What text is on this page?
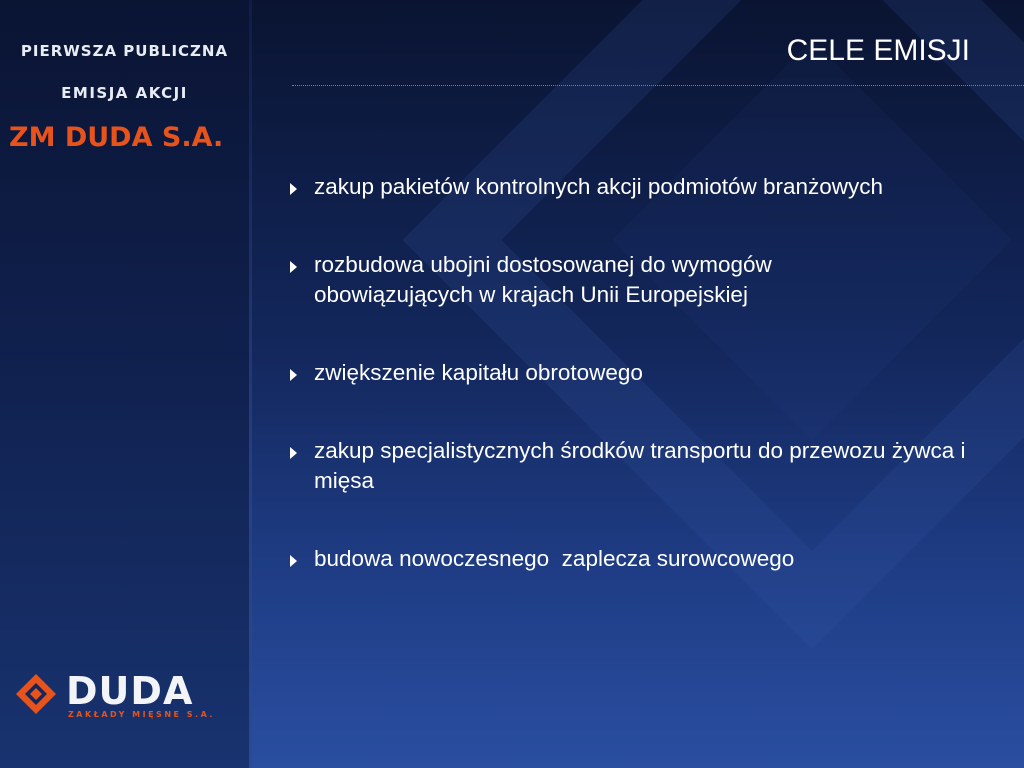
PIERWSZA PUBLICZNA
EMISJA AKCJI
ZM DUDA S.A.
DUDA
ZAKŁADY MIĘSNE S.A.
CELE EMISJI
zakup pakietów kontrolnych akcji podmiotów branżowych
rozbudowa ubojni dostosowanej do wymogów obowiązujących w krajach Unii Europejskiej
zwiększenie kapitału obrotowego
zakup specjalistycznych środków transportu do przewozu żywca i mięsa
budowa nowoczesnego  zaplecza surowcowego
